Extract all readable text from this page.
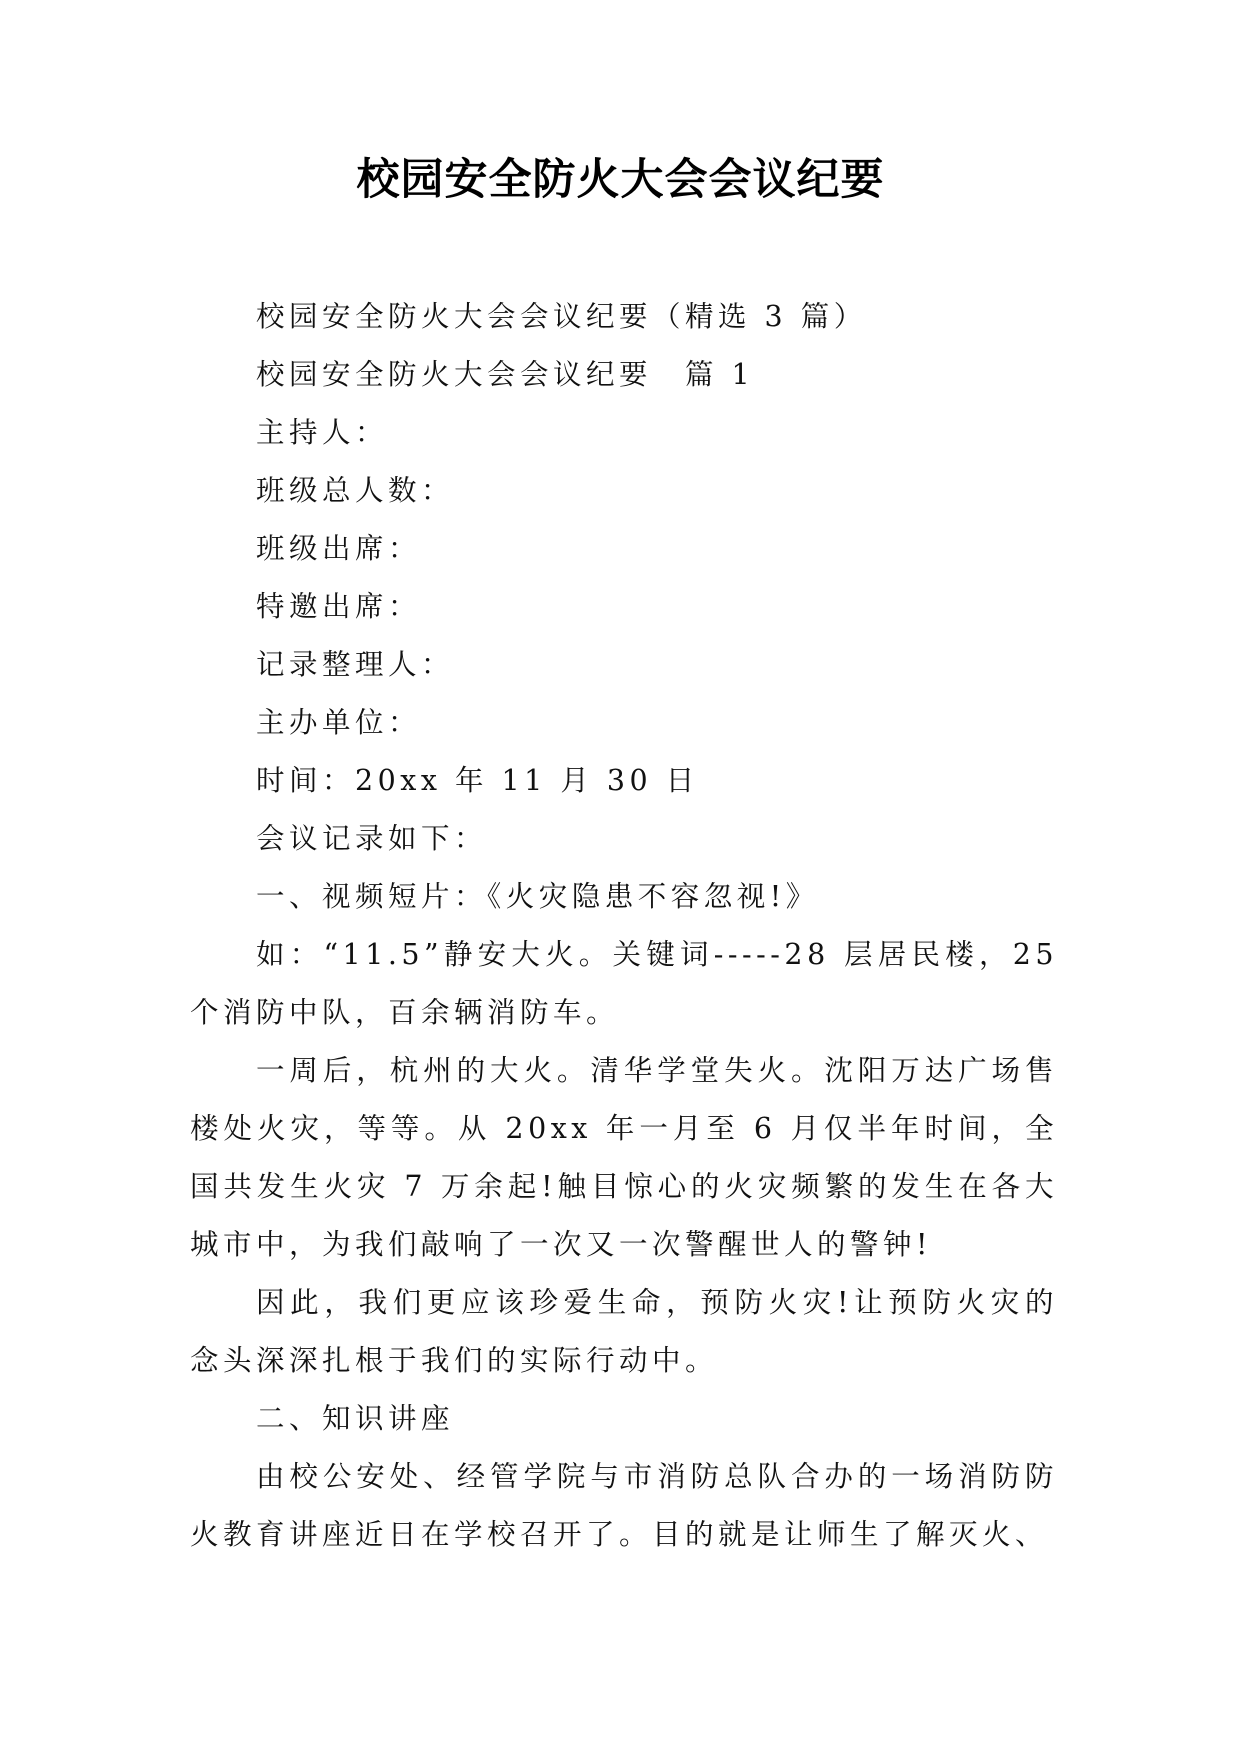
校园安全防火大会会议纪要

校园安全防火大会会议纪要（精选 3 篇）

校园安全防火大会会议纪要　篇 1

主持人：

班级总人数：

班级出席：

特邀出席：

记录整理人：

主办单位：

时间：20xx 年 11 月 30 日

会议记录如下：

一、视频短片：《火灾隐患不容忽视!》

如：“11.5”静安大火。关键词-----28 层居民楼，25 个消防中队，百余辆消防车。

一周后，杭州的大火。清华学堂失火。沈阳万达广场售楼处火灾，等等。从 20xx 年一月至 6 月仅半年时间，全国共发生火灾 7 万余起!触目惊心的火灾频繁的发生在各大城市中，为我们敲响了一次又一次警醒世人的警钟!

因此，我们更应该珍爱生命，预防火灾!让预防火灾的念头深深扎根于我们的实际行动中。

二、知识讲座

由校公安处、经管学院与市消防总队合办的一场消防防火教育讲座近日在学校召开了。目的就是让师生了解灭火、
